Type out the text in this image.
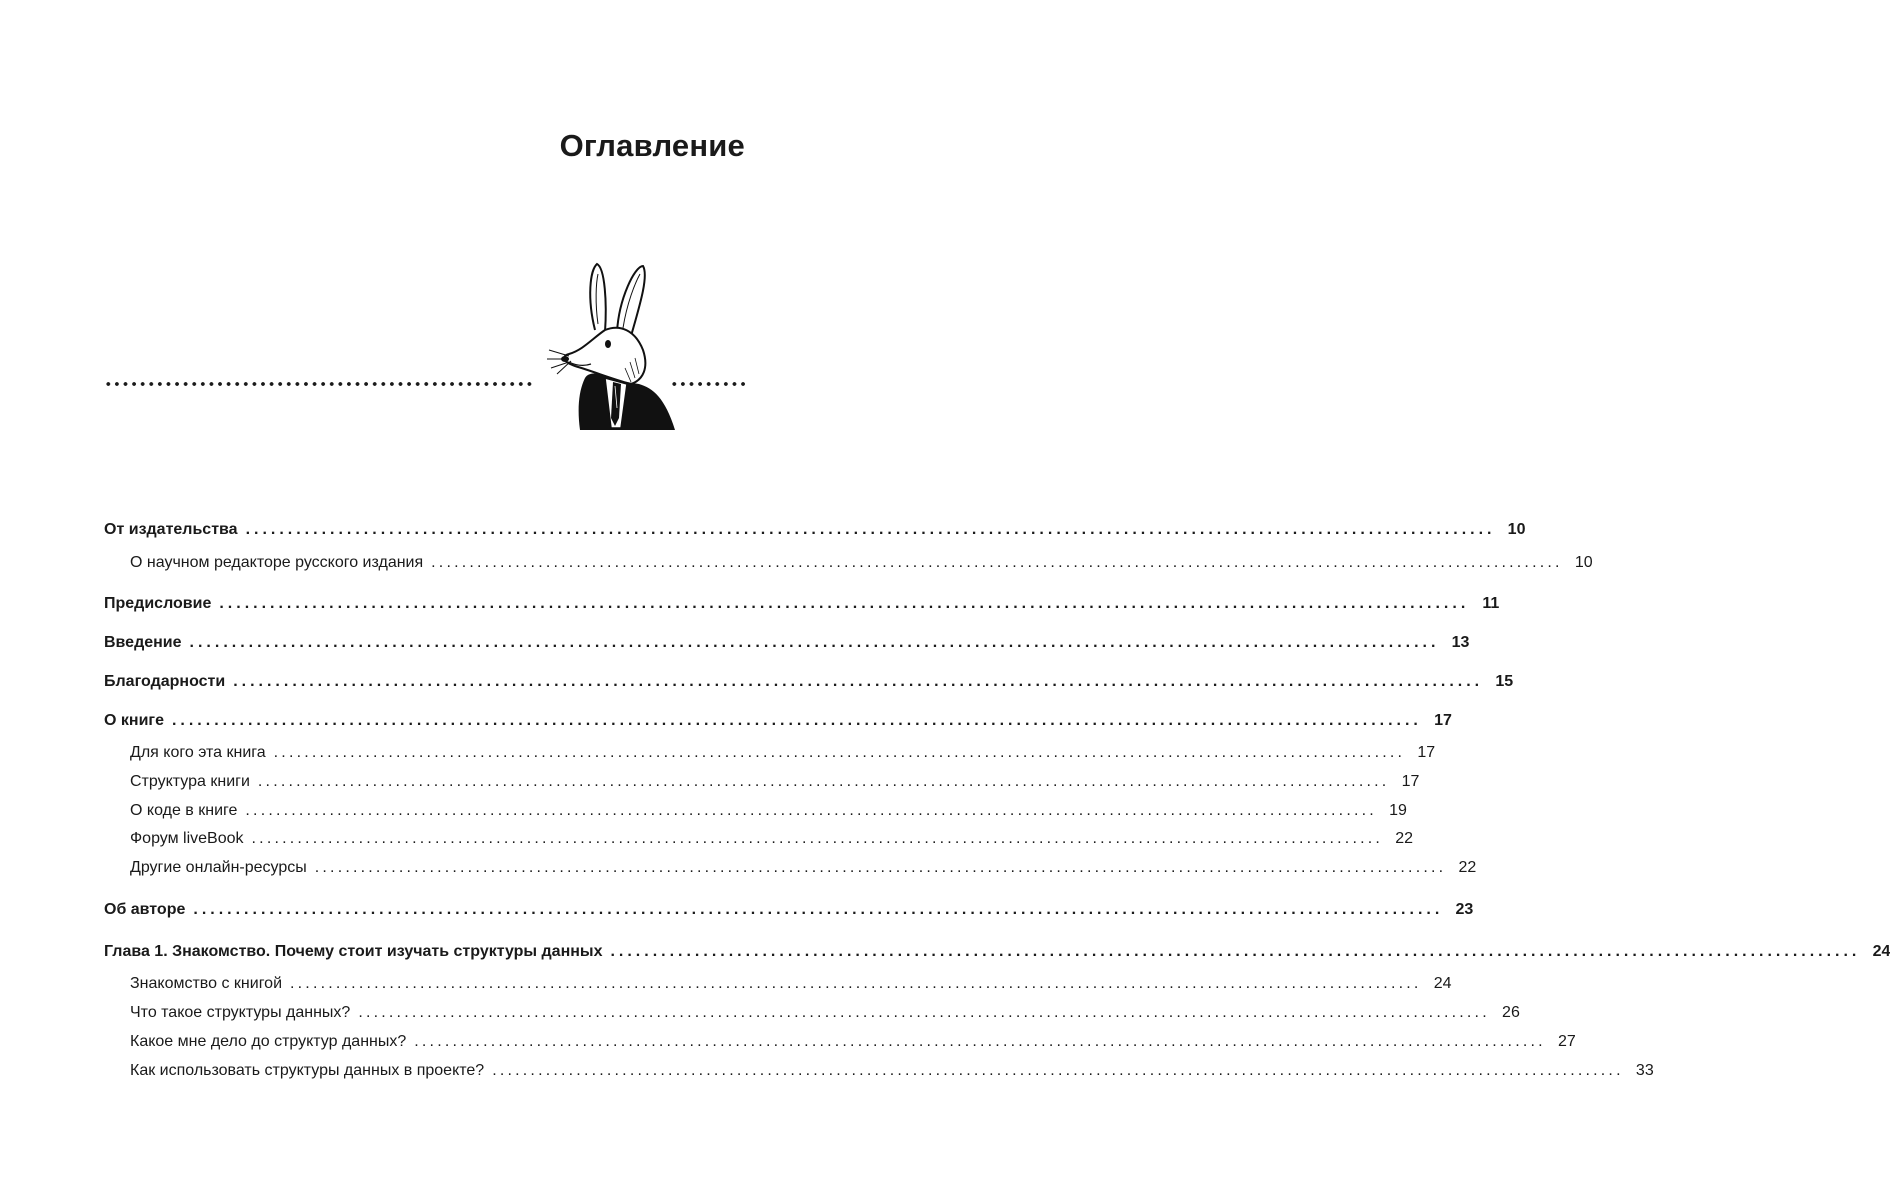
Оглавление
От издательства .................................................................................................................................................... 10
О научном редакторе русского издания .................................................................................................................................................... 10
Предисловие .................................................................................................................................................... 11
Введение .................................................................................................................................................... 13
Благодарности .................................................................................................................................................... 15
О книге .................................................................................................................................................... 17
Для кого эта книга .................................................................................................................................................... 17
Структура книги .................................................................................................................................................... 17
О коде в книге .................................................................................................................................................... 19
Форум liveBook .................................................................................................................................................... 22
Другие онлайн-ресурсы .................................................................................................................................................... 22
Об авторе .................................................................................................................................................... 23
Глава 1. Знакомство. Почему стоит изучать структуры данных .................................................................................................................................................... 24
Знакомство с книгой .................................................................................................................................................... 24
Что такое структуры данных? .................................................................................................................................................... 26
Какое мне дело до структур данных? .................................................................................................................................................... 27
Как использовать структуры данных в проекте? .................................................................................................................................................... 33
